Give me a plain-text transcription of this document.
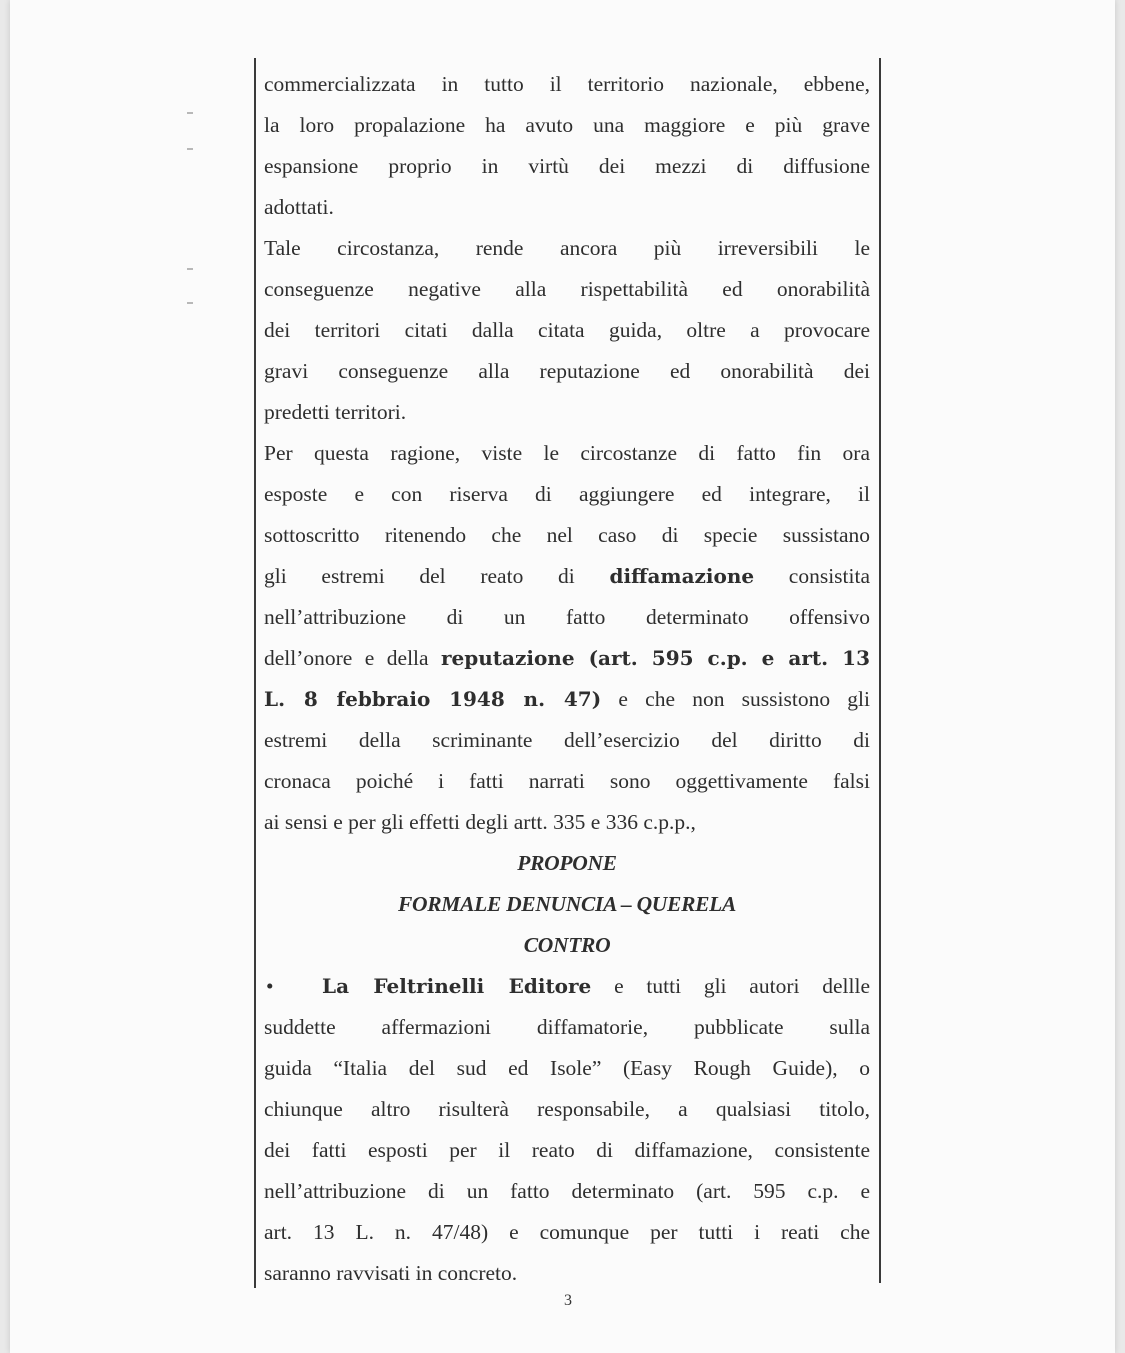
commercializzata in tutto il territorio nazionale, ebbene,
la loro propalazione ha avuto una maggiore e più grave
espansione proprio in virtù dei mezzi di diffusione
adottati.
Tale circostanza, rende ancora più irreversibili le
conseguenze negative alla rispettabilità ed onorabilità
dei territori citati dalla citata guida, oltre a provocare
gravi conseguenze alla reputazione ed onorabilità dei
predetti territori.
Per questa ragione, viste le circostanze di fatto fin ora
esposte e con riserva di aggiungere ed integrare, il
sottoscritto ritenendo che nel caso di specie sussistano
gli estremi del reato di diffamazione consistita
nell’attribuzione di un fatto determinato offensivo
dell’onore e della reputazione (art. 595 c.p. e art. 13
L. 8 febbraio 1948 n. 47) e che non sussistono gli
estremi della scriminante dell’esercizio del diritto di
cronaca poiché i fatti narrati sono oggettivamente falsi
ai sensi e per gli effetti degli artt. 335 e 336 c.p.p.,
PROPONE
FORMALE DENUNCIA – QUERELA
CONTRO
• La Feltrinelli Editore e tutti gli autori dellle
suddette affermazioni diffamatorie, pubblicate sulla
guida “Italia del sud ed Isole” (Easy Rough Guide), o
chiunque altro risulterà responsabile, a qualsiasi titolo,
dei fatti esposti per il reato di diffamazione, consistente
nell’attribuzione di un fatto determinato (art. 595 c.p. e
art. 13 L. n. 47/48) e comunque per tutti i reati che
saranno ravvisati in concreto.
3
